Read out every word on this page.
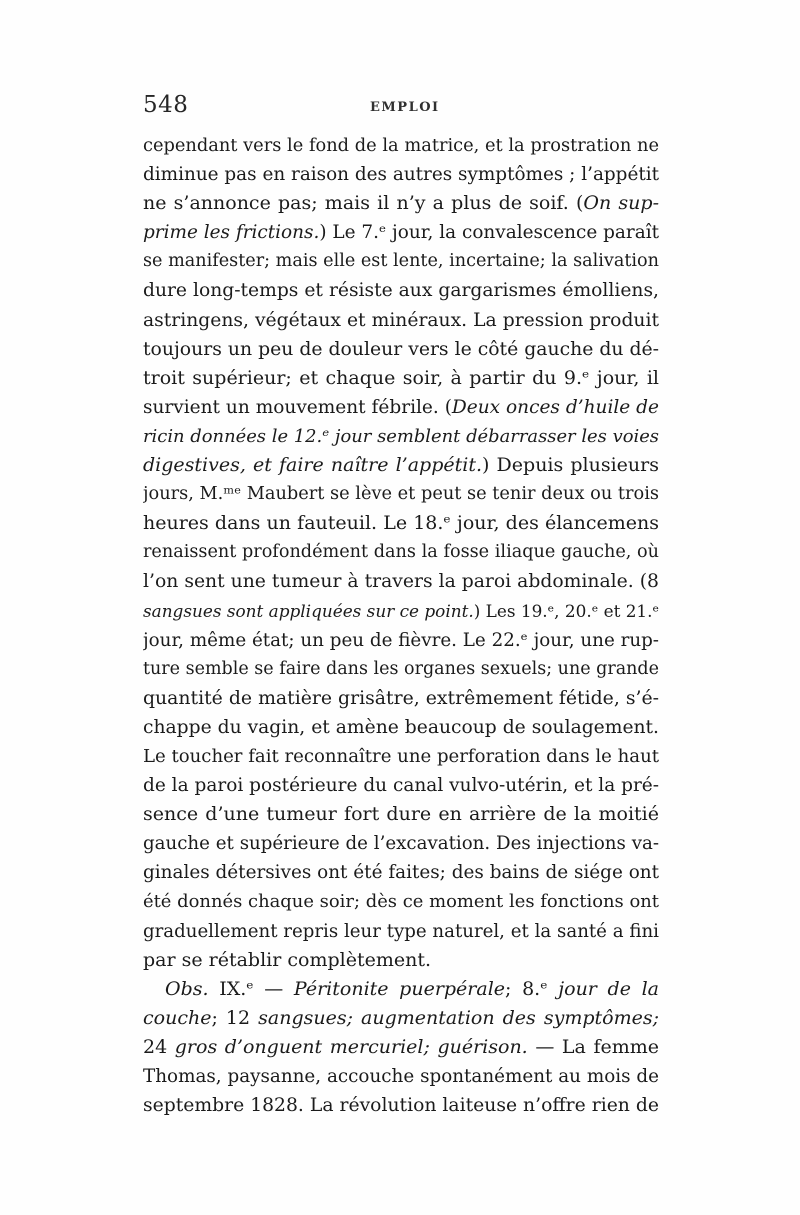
548	EMPLOI
cependant vers le fond de la matrice, et la prostration ne
diminue pas en raison des autres symptômes ; l’appétit
ne s’annonce pas; mais il n’y a plus de soif. (On sup-
prime les frictions.) Le 7.ᵉ jour, la convalescence paraît
se manifester; mais elle est lente, incertaine; la salivation
dure long-temps et résiste aux gargarismes émolliens,
astringens, végétaux et minéraux. La pression produit
toujours un peu de douleur vers le côté gauche du dé-
troit supérieur; et chaque soir, à partir du 9.ᵉ jour, il
survient un mouvement fébrile. (Deux onces d’huile de
ricin données le 12.ᵉ jour semblent débarrasser les voies
digestives, et faire naître l’appétit.) Depuis plusieurs
jours, M.ᵐᵉ Maubert se lève et peut se tenir deux ou trois
heures dans un fauteuil. Le 18.ᵉ jour, des élancemens
renaissent profondément dans la fosse iliaque gauche, où
l’on sent une tumeur à travers la paroi abdominale. (8
sangsues sont appliquées sur ce point.) Les 19.ᵉ, 20.ᵉ et 21.ᵉ
jour, même état; un peu de fièvre. Le 22.ᵉ jour, une rup-
ture semble se faire dans les organes sexuels; une grande
quantité de matière grisâtre, extrêmement fétide, s’é-
chappe du vagin, et amène beaucoup de soulagement.
Le toucher fait reconnaître une perforation dans le haut
de la paroi postérieure du canal vulvo-utérin, et la pré-
sence d’une tumeur fort dure en arrière de la moitié
gauche et supérieure de l’excavation. Des injections va-
ginales détersives ont été faites; des bains de siége ont
été donnés chaque soir; dès ce moment les fonctions ont
graduellement repris leur type naturel, et la santé a fini
par se rétablir complètement.
Obs. IX.ᵉ — Péritonite puerpérale; 8.ᵉ jour de la
couche; 12 sangsues; augmentation des symptômes;
24 gros d’onguent mercuriel; guérison. — La femme
Thomas, paysanne, accouche spontanément au mois de
septembre 1828. La révolution laiteuse n’offre rien de
